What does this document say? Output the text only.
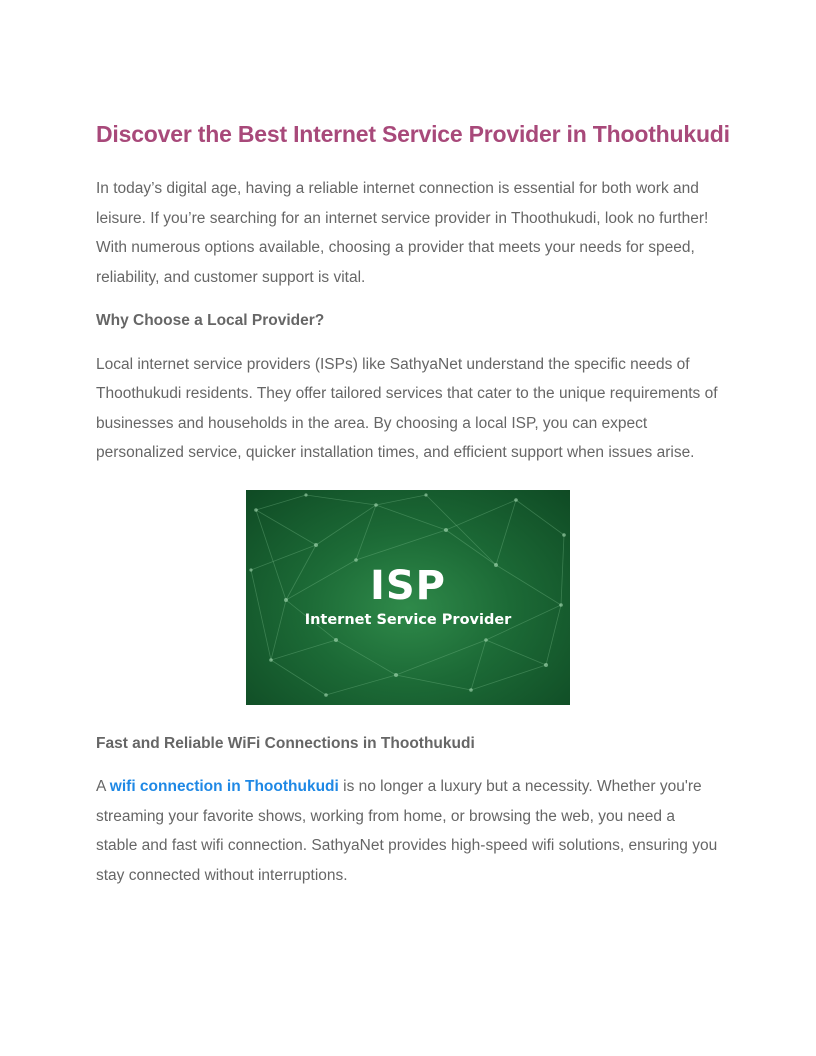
Discover the Best Internet Service Provider in Thoothukudi

In today’s digital age, having a reliable internet connection is essential for both work and leisure. If you’re searching for an internet service provider in Thoothukudi, look no further! With numerous options available, choosing a provider that meets your needs for speed, reliability, and customer support is vital.

Why Choose a Local Provider?

Local internet service providers (ISPs) like SathyaNet understand the specific needs of Thoothukudi residents. They offer tailored services that cater to the unique requirements of businesses and households in the area. By choosing a local ISP, you can expect personalized service, quicker installation times, and efficient support when issues arise.

ISP
Internet Service Provider
Fast and Reliable WiFi Connections in Thoothukudi

A wifi connection in Thoothukudi is no longer a luxury but a necessity. Whether you're streaming your favorite shows, working from home, or browsing the web, you need a stable and fast wifi connection. SathyaNet provides high-speed wifi solutions, ensuring you stay connected without interruptions.
